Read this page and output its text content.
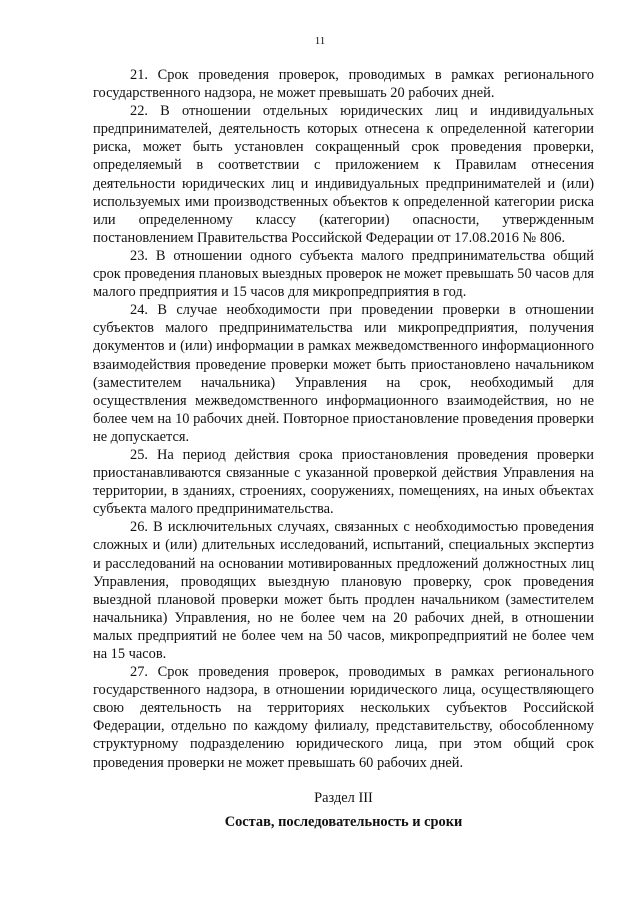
11

21. Срок проведения проверок, проводимых в рамках регионального государственного надзора, не может превышать 20 рабочих дней.

22. В отношении отдельных юридических лиц и индивидуальных предпринимателей, деятельность которых отнесена к определенной категории риска, может быть установлен сокращенный срок проведения проверки, определяемый в соответствии с приложением к Правилам отнесения деятельности юридических лиц и индивидуальных предпринимателей и (или) используемых ими производственных объектов к определенной категории риска или определенному классу (категории) опасности, утвержденным постановлением Правительства Российской Федерации от 17.08.2016 № 806.

23. В отношении одного субъекта малого предпринимательства общий срок проведения плановых выездных проверок не может превышать 50 часов для малого предприятия и 15 часов для микропредприятия в год.

24. В случае необходимости при проведении проверки в отношении субъектов малого предпринимательства или микропредприятия, получения документов и (или) информации в рамках межведомственного информационного взаимодействия проведение проверки может быть приостановлено начальником (заместителем начальника) Управления на срок, необходимый для осуществления межведомственного информационного взаимодействия, но не более чем на 10 рабочих дней. Повторное приостановление проведения проверки не допускается.

25. На период действия срока приостановления проведения проверки приостанавливаются связанные с указанной проверкой действия Управления на территории, в зданиях, строениях, сооружениях, помещениях, на иных объектах субъекта малого предпринимательства.

26. В исключительных случаях, связанных с необходимостью проведения сложных и (или) длительных исследований, испытаний, специальных экспертиз и расследований на основании мотивированных предложений должностных лиц Управления, проводящих выездную плановую проверку, срок проведения выездной плановой проверки может быть продлен начальником (заместителем начальника) Управления, но не более чем на 20 рабочих дней, в отношении малых предприятий не более чем на 50 часов, микропредприятий не более чем на 15 часов.

27. Срок проведения проверок, проводимых в рамках регионального государственного надзора, в отношении юридического лица, осуществляющего свою деятельность на территориях нескольких субъектов Российской Федерации, отдельно по каждому филиалу, представительству, обособленному структурному подразделению юридического лица, при этом общий срок проведения проверки не может превышать 60 рабочих дней.

Раздел III

Состав, последовательность и сроки
